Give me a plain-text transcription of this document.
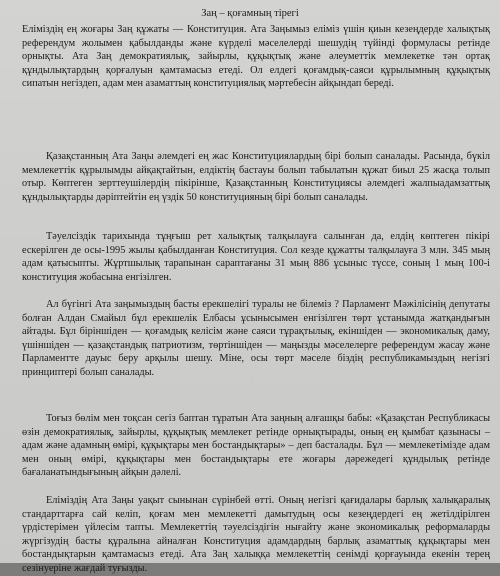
Заң – қоғамның тірегі

Еліміздің ең жоғары Заң құжаты — Конституция. Ата Заңымыз еліміз үшін қиын кезеңдерде халықтық референдум жолымен қабылданды және күрделі мәселелерді шешудің түйінді формуласы ретінде орнықты. Ата Заң демократиялық, зайырлы, құқықтық және әлеуметтік мемлекетке тән ортақ құндылықтардың қорғалуын қамтамасыз етеді. Ол елдегі қоғамдық-саяси құрылымның құқықтық сипатын негіздеп, адам мен азаматтың конституциялық мәртебесін айқындап береді.

Қазақстанның Ата Заңы әлемдегі ең жас Конституциялардың бірі болып саналады. Расында, бүкіл мемлекеттік құрылымды айқақтайтын, елдіктің бастауы болып табылатын құжат биыл 25 жасқа толып отыр. Көптеген зерттеушілердің пікірінше, Қазақстанның Конституциясы әлемдегі жалпыадамзаттық құндылықтарды дәріптейтін ең үздік 50 конституцияның бірі болып саналады.

Тәуелсіздік тарихында тұңғыш рет халықтық талқылауға салынған да, елдің көптеген пікірі ескерілген де осы-1995 жылы қабылданған Конституция. Сол кезде құжатты талқылауға 3 млн. 345 мың адам қатысыпты. Жұртшылық тарапынан сараптағаны 31 мың 886 ұсыныс түссе, соның 1 мың 100-і конституция жобасына енгізілген.

Ал бүгінгі Ата заңымыздың басты ерекшелігі туралы не білеміз ? Парламент Мәжілісінің депутаты болған Алдан Смайыл бұл ерекшелік Елбасы ұсынысымен енгізілген төрт ұстанымда жатқандығын айтады. Бұл біріншіден — қоғамдық келісім және саяси тұрақтылық, екіншіден — экономикалық даму, үшіншіден — қазақстандық патриотизм, төртіншіден — маңызды мәселелерге референдум жасау және Парламентте дауыс беру арқылы шешу. Міне, осы төрт мәселе біздің республикамыздың негізгі принциптері болып саналады.

Тоғыз бөлім мен тоқсан сегіз баптан тұратын Ата заңның алғашқы бабы: «Қазақстан Республикасы өзін демократиялық, зайырлы, құқықтық мемлекет ретінде орнықтырады, оның ең қымбат қазынасы – адам және адамның өмірі, құқықтары мен бостандықтары» – деп басталады. Бұл — мемлекетімізде адам мен оның өмірі, құқықтары мен бостандықтары ете жоғары дәрежедегі құндылық ретінде бағаланатындығының айқын дәлелі.

Еліміздің Ата Заңы уақыт сынынан сүрінбей өтті. Оның негізгі қағидалары барлық халықаралық стандарттарға сай келіп, қоғам мен мемлекетті дамытудың осы кезеңдердегі ең жетілдірілген үрдістерімен үйлесім тапты. Мемлекеттің тәуелсіздігін нығайту және экономикалық реформаларды жүргізудің басты құралына айналған Конституция адамдардың барлық азаматтық құқықтары мен бостандықтарын қамтамасыз етеді. Ата Заң халыққа мемлекеттің сенімді қорғауында екенін терең сезінуеріне жағдай туғызды.
